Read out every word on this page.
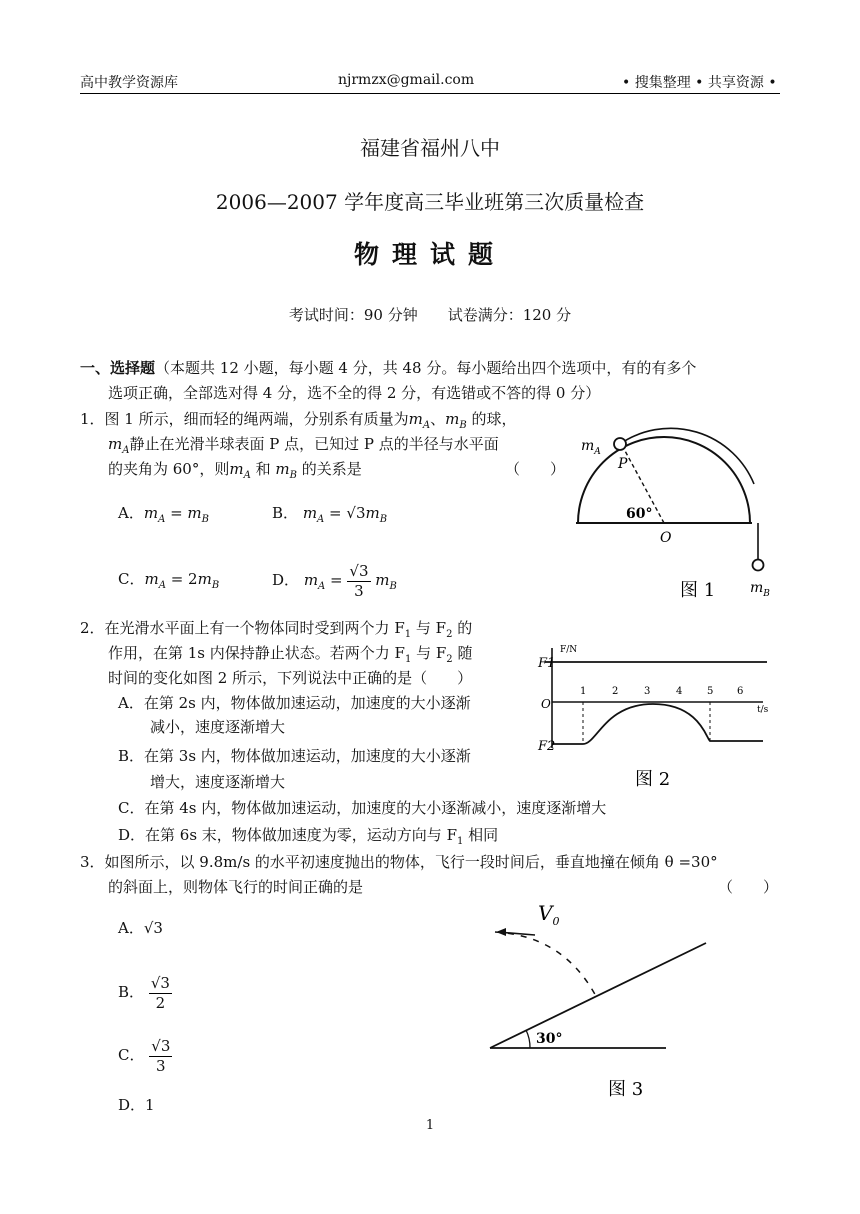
高中教学资源库	njrmzx@gmail.com	• 搜集整理 • 共享资源 •
福建省福州八中
2006—2007 学年度高三毕业班第三次质量检查
物理试题
考试时间：90 分钟　　试卷满分：120 分
一、选择题（本题共 12 小题，每小题 4 分，共 48 分。每小题给出四个选项中，有的有多个
选项正确，全部选对得 4 分，选不全的得 2 分，有选错或不答的得 0 分）
1．图 1 所示，细而轻的绳两端，分别系有质量为$m_A$、$m_B$ 的球，
$m_A$静止在光滑半球表面 P 点，已知过 P 点的半径与水平面
的夹角为 60°，则$m_A$ 和 $m_B$ 的关系是	（　　）
A．$m_A = m_B$	B． $m_A = √3m_B$
C．$m_A = 2m_B$	D． $m_A = \frac{√3}{3} m_B$
$m_A$
P
60°
O
图 1 $m_B$
2．在光滑水平面上有一个物体同时受到两个力 $F_1$ 与 $F_2$ 的
作用，在第 1s 内保持静止状态。若两个力 $F_1$ 与 $F_2$ 随
时间的变化如图 2 所示，下列说法中正确的是（　　）
A．在第 2s 内，物体做加速运动，加速度的大小逐渐
减小，速度逐渐增大
B．在第 3s 内，物体做加速运动，加速度的大小逐渐
增大，速度逐渐增大
C．在第 4s 内，物体做加速运动，加速度的大小逐渐减小，速度逐渐增大
D．在第 6s 末，物体做加速度为零，运动方向与 $F_1$ 相同
F/N
F1
O
F2
t/s
1	2	3	4 5 6
图 2
3．如图所示，以 9.8m/s 的水平初速度抛出的物体，飞行一段时间后，垂直地撞在倾角 θ =30°
的斜面上，则物体飞行的时间正确的是	（　　）
A．√3
B． $\frac{√3}{2}$
C． $\frac{√3}{3}$
D．1
$V_0$
30°
图 3
1
